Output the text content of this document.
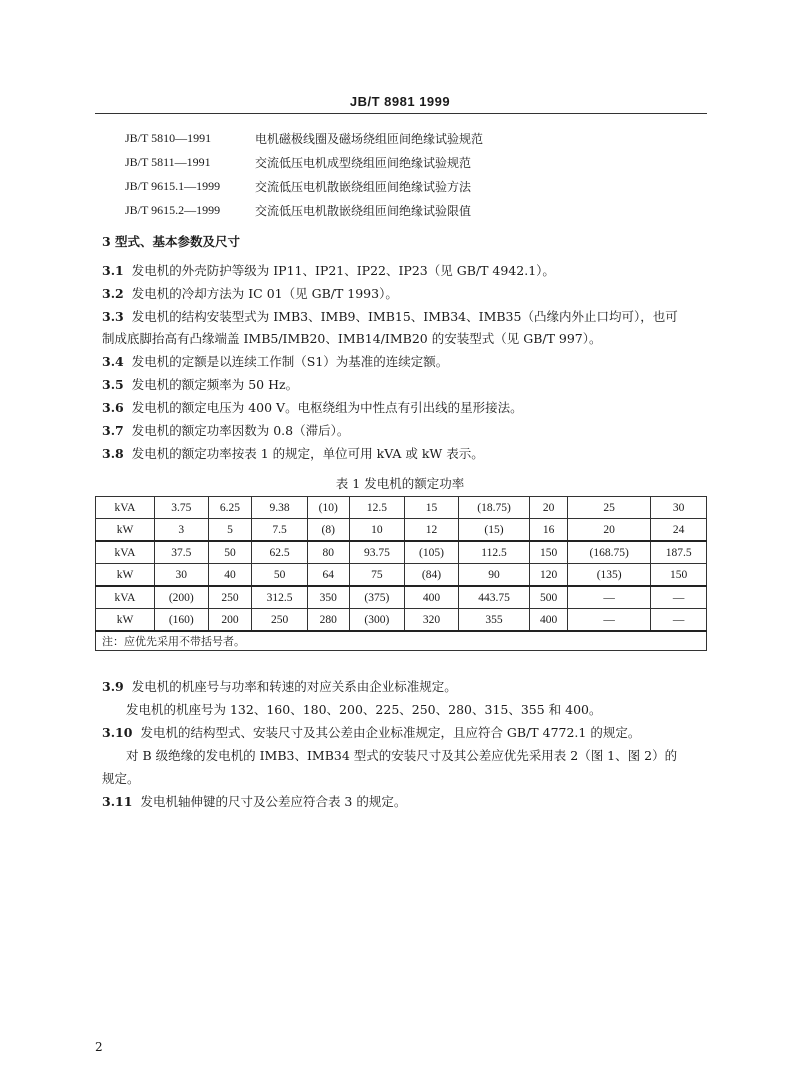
JB/T 8981 1999
JB/T 5810—1991	电机磁极线圈及磁场绕组匝间绝缘试验规范
JB/T 5811—1991	交流低压电机成型绕组匝间绝缘试验规范
JB/T 9615.1—1999	交流低压电机散嵌绕组匝间绝缘试验方法
JB/T 9615.2—1999	交流低压电机散嵌绕组匝间绝缘试验限值
3 型式、基本参数及尺寸
3.1 发电机的外壳防护等级为 IP11、IP21、IP22、IP23（见 GB/T 4942.1）。
3.2 发电机的冷却方法为 IC 01（见 GB/T 1993）。
3.3 发电机的结构安装型式为 IMB3、IMB9、IMB15、IMB34、IMB35（凸缘内外止口均可），也可
制成底脚抬高有凸缘端盖 IMB5/IMB20、IMB14/IMB20 的安装型式（见 GB/T 997）。
3.4 发电机的定额是以连续工作制（S1）为基准的连续定额。
3.5 发电机的额定频率为 50 Hz。
3.6 发电机的额定电压为 400 V。电枢绕组为中性点有引出线的星形接法。
3.7 发电机的额定功率因数为 0.8（滞后）。
3.8 发电机的额定功率按表 1 的规定，单位可用 kVA 或 kW 表示。
表 1 发电机的额定功率
kVA	3.75	6.25	9.38	(10)	12.5	15	(18.75)	20	25	30
kW	3	5	7.5	(8)	10	12	(15)	16	20	24
kVA	37.5	50	62.5	80	93.75	(105)	112.5	150	(168.75)	187.5
kW	30	40	50	64	75	(84)	90	120	(135)	150
kVA	(200)	250	312.5	350	(375)	400	443.75	500	—	—
kW	(160)	200	250	280	(300)	320	355	400	—	—
注：应优先采用不带括号者。										
3.9 发电机的机座号与功率和转速的对应关系由企业标准规定。
发电机的机座号为 132、160、180、200、225、250、280、315、355 和 400。
3.10 发电机的结构型式、安装尺寸及其公差由企业标准规定，且应符合 GB/T 4772.1 的规定。
对 B 级绝缘的发电机的 IMB3、IMB34 型式的安装尺寸及其公差应优先采用表 2（图 1、图 2）的
规定。
3.11 发电机轴伸键的尺寸及公差应符合表 3 的规定。
2
